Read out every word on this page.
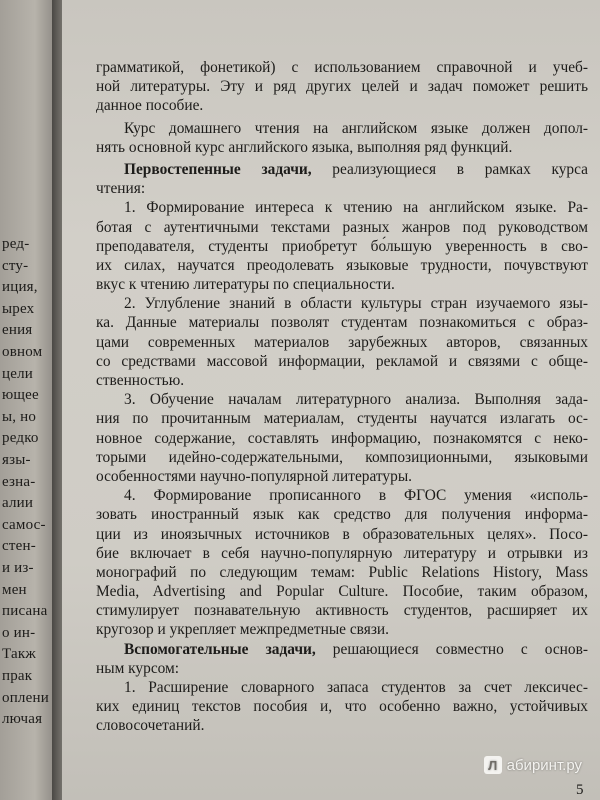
ред-
сту-
иция,
ырех
ения
овном
цели
ющее
ы, но
редко
язы-
езна-
алии
самос-
стен-
и из-
мен
писана
о ин-
Такж
прак
оплени
лючая
грамматикой, фонетикой) с использованием справочной и учеб-
ной литературы. Эту и ряд других целей и задач поможет решить
данное пособие.
Курс домашнего чтения на английском языке должен допол-
нять основной курс английского языка, выполняя ряд функций.
Первостепенные задачи, реализующиеся в рамках курса
чтения:
1. Формирование интереса к чтению на английском языке. Ра-
ботая с аутентичными текстами разных жанров под руководством
преподавателя, студенты приобретут бо́льшую уверенность в сво-
их силах, научатся преодолевать языковые трудности, почувствуют
вкус к чтению литературы по специальности.
2. Углубление знаний в области культуры стран изучаемого язы-
ка. Данные материалы позволят студентам познакомиться с образ-
цами современных материалов зарубежных авторов, связанных
со средствами массовой информации, рекламой и связями с обще-
ственностью.
3. Обучение началам литературного анализа. Выполняя зада-
ния по прочитанным материалам, студенты научатся излагать ос-
новное содержание, составлять информацию, познакомятся с неко-
торыми идейно-содержательными, композиционными, языковыми
особенностями научно-популярной литературы.
4. Формирование прописанного в ФГОС умения «исполь-
зовать иностранный язык как средство для получения информа-
ции из иноязычных источников в образовательных целях». Посо-
бие включает в себя научно-популярную литературу и отрывки из
монографий по следующим темам: Public Relations History, Mass
Media, Advertising and Popular Culture. Пособие, таким образом,
стимулирует познавательную активность студентов, расширяет их
кругозор и укрепляет межпредметные связи.
Вспомогательные задачи, решающиеся совместно с основ-
ным курсом:
1. Расширение словарного запаса студентов за счет лексичес-
ких единиц текстов пособия и, что особенно важно, устойчивых
словосочетаний.
5
Л абиринт.ру
